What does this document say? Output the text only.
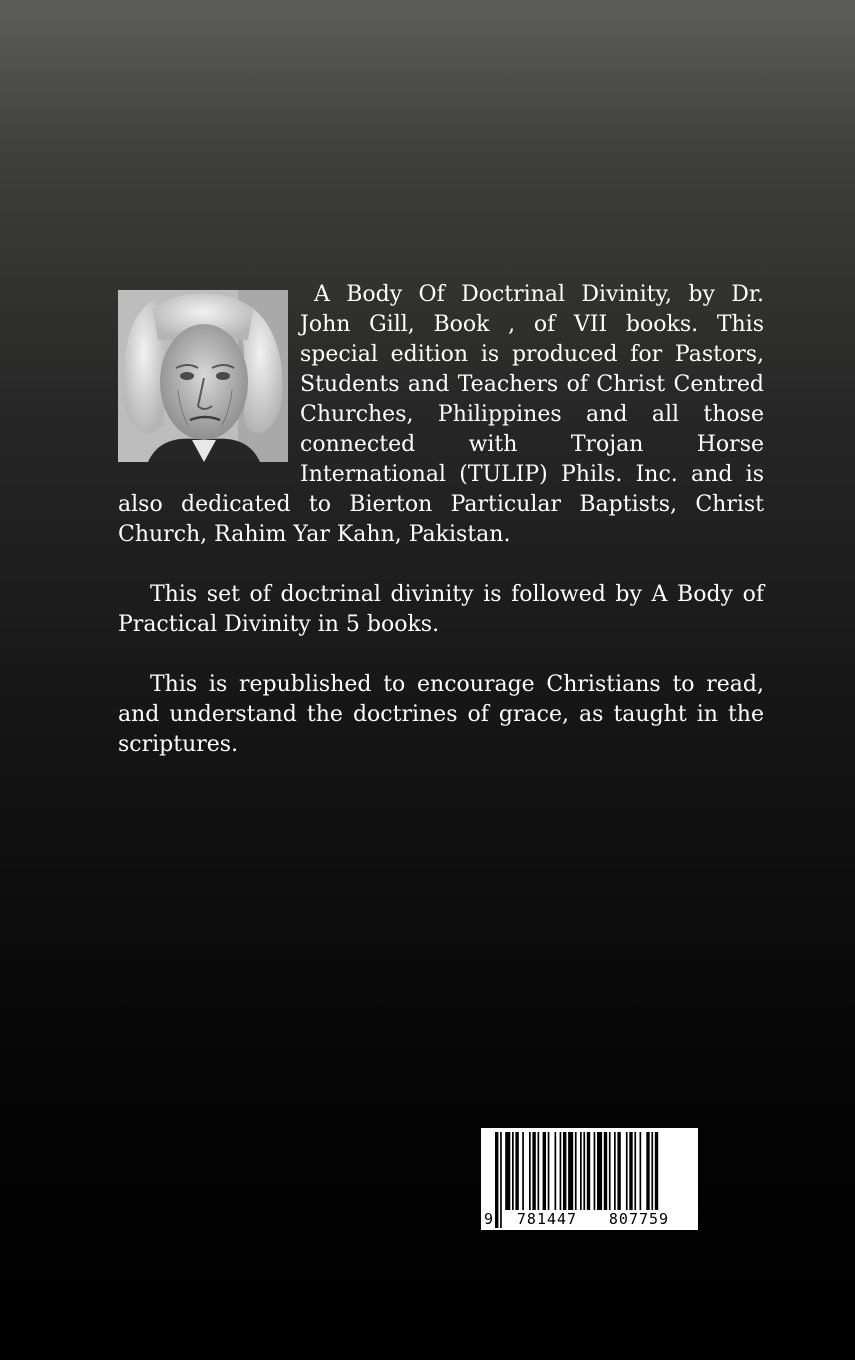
A Body Of Doctrinal Divinity, by Dr. John Gill, Book , of VII books. This special edition is produced for Pastors, Students and Teachers of Christ Centred Churches, Philippines and all those connected with Trojan Horse International (TULIP) Phils. Inc. and is also dedicated to Bierton Particular Baptists, Christ Church, Rahim Yar Kahn, Pakistan.

This set of doctrinal divinity is followed by A Body of Practical Divinity in 5 books.

This is republished to encourage Christians to read, and understand the doctrines of grace, as taught in the scriptures.

9	781447	807759
